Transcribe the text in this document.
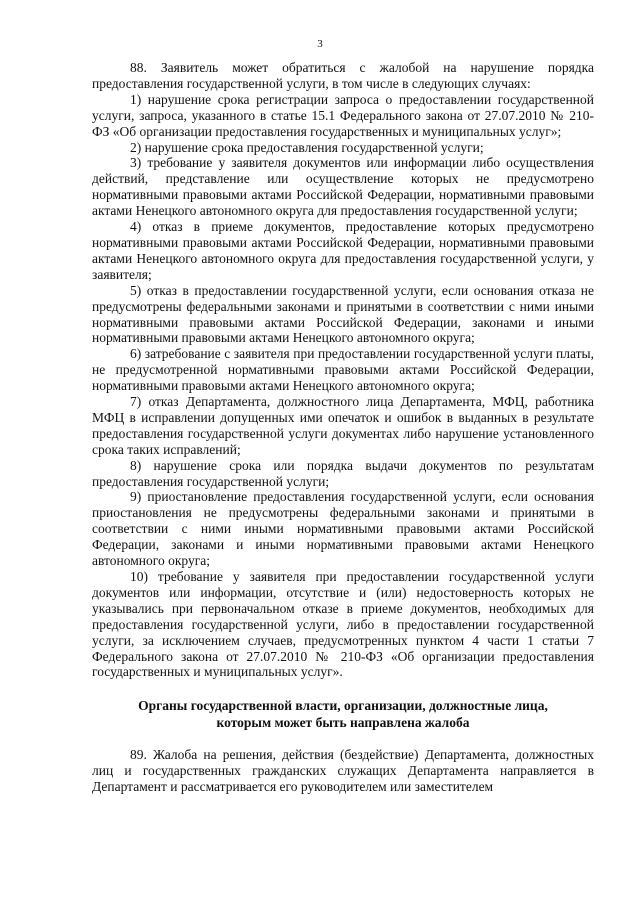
3

88. Заявитель может обратиться с жалобой на нарушение порядка предоставления государственной услуги, в том числе в следующих случаях:

1) нарушение срока регистрации запроса о предоставлении государственной услуги, запроса, указанного в статье 15.1 Федерального закона от 27.07.2010 № 210-ФЗ «Об организации предоставления государственных и муниципальных услуг»;

2) нарушение срока предоставления государственной услуги;

3) требование у заявителя документов или информации либо осуществления действий, представление или осуществление которых не предусмотрено нормативными правовыми актами Российской Федерации, нормативными правовыми актами Ненецкого автономного округа для предоставления государственной услуги;

4) отказ в приеме документов, предоставление которых предусмотрено нормативными правовыми актами Российской Федерации, нормативными правовыми актами Ненецкого автономного округа для предоставления государственной услуги, у заявителя;

5) отказ в предоставлении государственной услуги, если основания отказа не предусмотрены федеральными законами и принятыми в соответствии с ними иными нормативными правовыми актами Российской Федерации, законами и иными нормативными правовыми актами Ненецкого автономного округа;

6) затребование с заявителя при предоставлении государственной услуги платы, не предусмотренной нормативными правовыми актами Российской Федерации, нормативными правовыми актами Ненецкого автономного округа;

7) отказ Департамента, должностного лица Департамента, МФЦ, работника МФЦ в исправлении допущенных ими опечаток и ошибок в выданных в результате предоставления государственной услуги документах либо нарушение установленного срока таких исправлений;

8) нарушение срока или порядка выдачи документов по результатам предоставления государственной услуги;

9) приостановление предоставления государственной услуги, если основания приостановления не предусмотрены федеральными законами и принятыми в соответствии с ними иными нормативными правовыми актами Российской Федерации, законами и иными нормативными правовыми актами Ненецкого автономного округа;

10) требование у заявителя при предоставлении государственной услуги документов или информации, отсутствие и (или) недостоверность которых не указывались при первоначальном отказе в приеме документов, необходимых для предоставления государственной услуги, либо в предоставлении государственной услуги, за исключением случаев, предусмотренных пунктом 4 части 1 статьи 7 Федерального закона от 27.07.2010 № 210-ФЗ «Об организации предоставления государственных и муниципальных услуг».

Органы государственной власти, организации, должностные лица,
которым может быть направлена жалоба

89. Жалоба на решения, действия (бездействие) Департамента, должностных лиц и государственных гражданских служащих Департамента направляется в Департамент и рассматривается его руководителем или заместителем
